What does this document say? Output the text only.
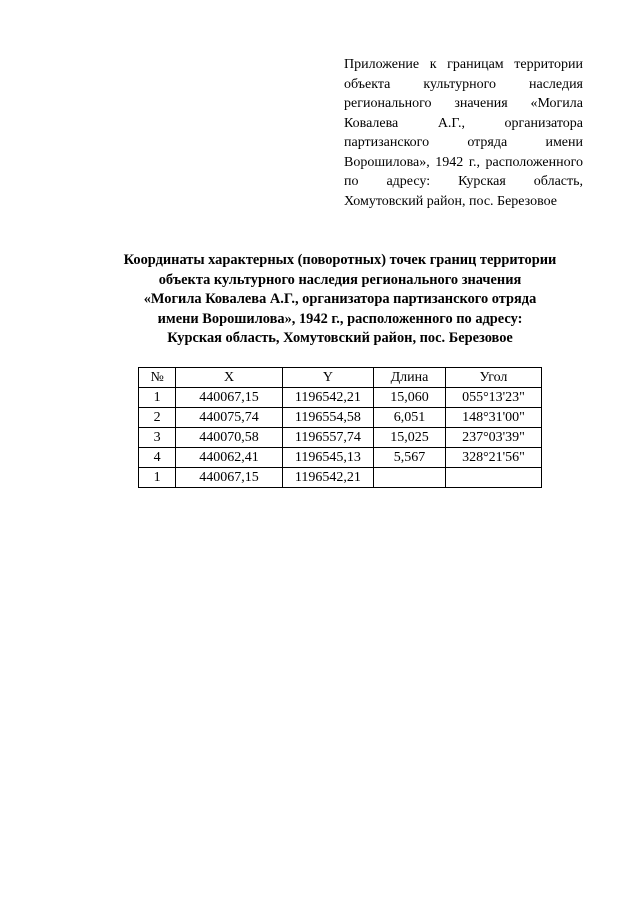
Приложение к границам территории объекта культурного наследия регионального значения «Могила Ковалева А.Г., организатора партизанского отряда имени Ворошилова», 1942 г., расположенного по адресу: Курская область, Хомутовский район, пос. Березовое

Координаты характерных (поворотных) точек границ территории
объекта культурного наследия регионального значения
«Могила Ковалева А.Г., организатора партизанского отряда
имени Ворошилова», 1942 г., расположенного по адресу:
Курская область, Хомутовский район, пос. Березовое
№	X	Y	Длина	Угол
1	440067,15	1196542,21	15,060	055°13'23"
2	440075,74	1196554,58	6,051	148°31'00"
3	440070,58	1196557,74	15,025	237°03'39"
4	440062,41	1196545,13	5,567	328°21'56"
1	440067,15	1196542,21		
